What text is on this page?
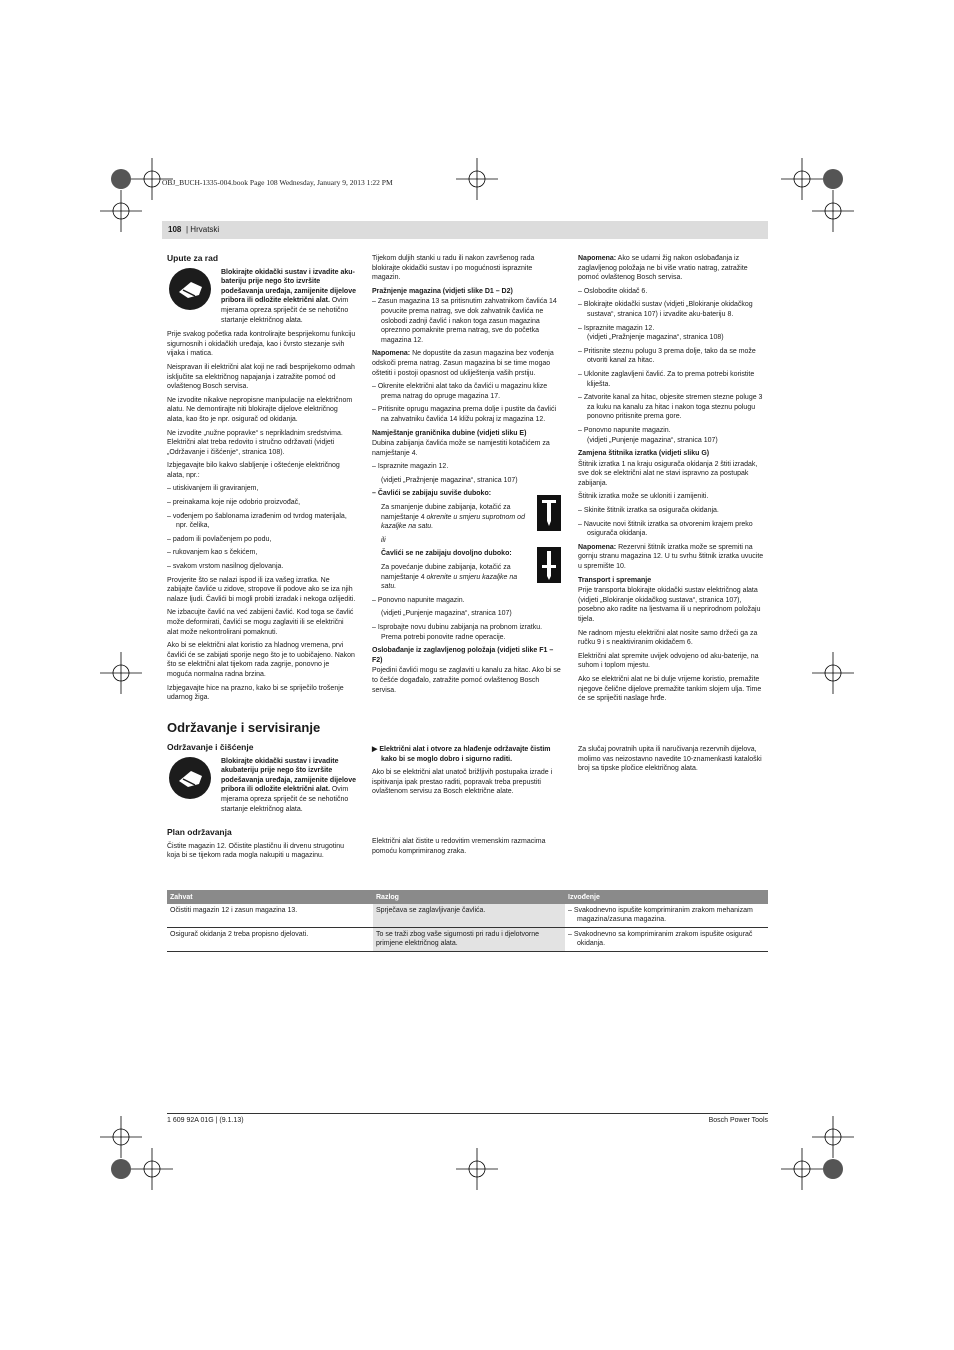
OBJ_BUCH-1335-004.book Page 108 Wednesday, January 9, 2013 1:22 PM
108 | Hrvatski
Upute za rad
Blokirajte okidački sustav i izvadite aku-bateriju prije nego što izvršite podešavanja uređaja, zamijenite dijelove pribora ili odložite električni alat. Ovim mjerama opreza spriječit će se nehotično startanje električnog alata.

Prije svakog početka rada kontrolirajte besprijekornu funkciju sigurnosnih i okidačkih uređaja, kao i čvrsto stezanje svih vijaka i matica.

Neispravan ili električni alat koji ne radi besprijekorno odmah isključite sa električnog napajanja i zatražite pomoć od ovlaštenog Bosch servisa.

Ne izvodite nikakve nepropisne manipulacije na električnom alatu. Ne demontirajte niti blokirajte dijelove električnog alata, kao što je npr. osigurač od okidanja.

Ne izvodite „nužne popravke“ s neprikladnim sredstvima. Električni alat treba redovito i stručno održavati (vidjeti „Održavanje i čišćenje“, stranica 108).

Izbjegavajte bilo kakvo slabljenje i oštećenje električnog alata, npr.:

– utiskivanjem ili graviranjem,

– preinakama koje nije odobrio proizvođač,

– vođenjem po šablonama izrađenim od tvrdog materijala, npr. čelika,

– padom ili povlačenjem po podu,

– rukovanjem kao s čekićem,

– svakom vrstom nasilnog djelovanja.

Provjerite što se nalazi ispod ili iza vašeg izratka. Ne zabijajte čavliće u zidove, stropove ili podove ako se iza njih nalaze ljudi. Čavlići bi mogli probiti izradak i nekoga ozlijediti.

Ne izbacujte čavlić na već zabijeni čavlić. Kod toga se čavlić može deformirati, čavlići se mogu zaglaviti ili se električni alat može nekontrolirani pomaknuti.

Ako bi se električni alat koristio za hladnog vremena, prvi čavlići će se zabijati sporije nego što je to uobičajeno. Nakon što se električni alat tijekom rada zagrije, ponovno je moguća normalna radna brzina.

Izbjegavajte hice na prazno, kako bi se spriječilo trošenje udarnog žiga.

Tijekom duljih stanki u radu ili nakon završenog rada blokirajte okidački sustav i po mogućnosti ispraznite magazin.

Pražnjenje magazina (vidjeti slike D1 – D2)

– Zasun magazina 13 sa pritisnutim zahvatnikom čavlića 14 povucite prema natrag, sve dok zahvatnik čavlića ne oslobodi zadnji čavlić i nakon toga zasun magazina opreznno pomaknite prema natrag, sve do početka magazina 12.

Napomena: Ne dopustite da zasun magazina bez vođenja odskoči prema natrag. Zasun magazina bi se time mogao oštetiti i postoji opasnost od ukliještenja vaših prstiju.

– Okrenite električni alat tako da čavlići u magazinu klize prema natrag do opruge magazina 17.

– Pritisnite oprugu magazina prema dolje i pustite da čavlići na zahvatniku čavlića 14 kližu pokraj iz magazina 12.

Namještanje graničnika dubine (vidjeti sliku E)

Dubina zabijanja čavlića može se namjestiti kotačićem za namještanje 4.

– Ispraznite magazin 12.

(vidjeti „Pražnjenje magazina“, stranica 107)

– Čavlići se zabijaju suviše duboko:

Za smanjenje dubine zabijanja, kotačić za namještanje 4 okrenite u smjeru suprotnom od kazaljke na satu.

ili

Čavlići se ne zabijaju dovoljno duboko:

Za povećanje dubine zabijanja, kotačić za namještanje 4 okrenite u smjeru kazaljke na satu.

– Ponovno napunite magazin.

(vidjeti „Punjenje magazina“, stranica 107)

– Isprobajte novu dubinu zabijanja na probnom izratku. Prema potrebi ponovite radne operacije.

Oslobađanje iz zaglavljenog položaja (vidjeti slike F1 – F2)

Pojedini čavlići mogu se zaglaviti u kanalu za hitac. Ako bi se to češće događalo, zatražite pomoć ovlaštenog Bosch servisa.

Napomena: Ako se udarni žig nakon oslobađanja iz zaglavljenog položaja ne bi više vratio natrag, zatražite pomoć ovlaštenog Bosch servisa.

– Oslobodite okidač 6.

– Blokirajte okidački sustav (vidjeti „Blokiranje okidačkog sustava“, stranica 107) i izvadite aku-bateriju 8.

– Ispraznite magazin 12.
(vidjeti „Pražnjenje magazina“, stranica 108)

– Pritisnite steznu polugu 3 prema dolje, tako da se može otvoriti kanal za hitac.

– Uklonite zaglavljeni čavlić. Za to prema potrebi koristite kliješta.

– Zatvorite kanal za hitac, objesite stremen stezne poluge 3 za kuku na kanalu za hitac i nakon toga steznu polugu ponovno pritisnite prema gore.

– Ponovno napunite magazin.
(vidjeti „Punjenje magazina“, stranica 107)

Zamjena štitnika izratka (vidjeti sliku G)

Štitnik izratka 1 na kraju osigurača okidanja 2 štiti izradak, sve dok se električni alat ne stavi ispravno za postupak zabijanja.

Štitnik izratka može se ukloniti i zamijeniti.

– Skinite štitnik izratka sa osigurača okidanja.

– Navucite novi štitnik izratka sa otvorenim krajem preko osigurača okidanja.

Napomena: Rezervni štitnik izratka može se spremiti na gornju stranu magazina 12. U tu svrhu štitnik izratka uvucite u spremište 10.

Transport i spremanje

Prije transporta blokirajte okidački sustav električnog alata (vidjeti „Blokiranje okidačkog sustava“, stranica 107), posebno ako radite na ljestvama ili u neprirodnom položaju tijela.

Ne radnom mjestu električni alat nosite samo držeći ga za ručku 9 i s neaktiviranim okidačem 6.

Električni alat spremite uvijek odvojeno od aku-baterije, na suhom i toplom mjestu.

Ako se električni alat ne bi dulje vrijeme koristio, premažite njegove čelične dijelove premažite tankim slojem ulja. Time će se spriječiti naslage hrđe.

Održavanje i servisiranje
Održavanje i čišćenje
Blokirajte okidački sustav i izvadite akubateriju prije nego što izvršite podešavanja uređaja, zamijenite dijelove pribora ili odložite električni alat. Ovim mjerama opreza spriječit će se nehotično startanje električnog alata.
Plan održavanja

Čistite magazin 12. Očistite plastičnu ili drvenu strugotinu koja bi se tijekom rada mogla nakupiti u magazinu.

▶ Električni alat i otvore za hlađenje održavajte čistim kako bi se moglo dobro i sigurno raditi.

Ako bi se električni alat unatoč brižljivih postupaka izrade i ispitivanja ipak prestao raditi, popravak treba prepustiti ovlaštenom servisu za Bosch električne alate.

Električni alat čistite u redovitim vremenskim razmacima pomoću komprimiranog zraka.

Za slučaj povratnih upita ili naručivanja rezervnih dijelova, molimo vas neizostavno navedite 10-znamenkasti kataloški broj sa tipske pločice električnog alata.

Zahvat	Razlog	Izvođenje
Očistiti magazin 12 i zasun magazina 13.	Sprječava se zaglavljivanje čavlića.	– Svakodnevno ispušite komprimiranim zrakom mehanizam magazina/zasuna magazina.

Osigurač okidanja 2 treba propisno djelovati.	To se traži zbog vaše sigurnosti pri radu i djelotvorne primjene električnog alata.	– Svakodnevno sa komprimiranim zrakom ispušite osigurač okidanja.
1 609 92A 01G | (9.1.13)	Bosch Power Tools
